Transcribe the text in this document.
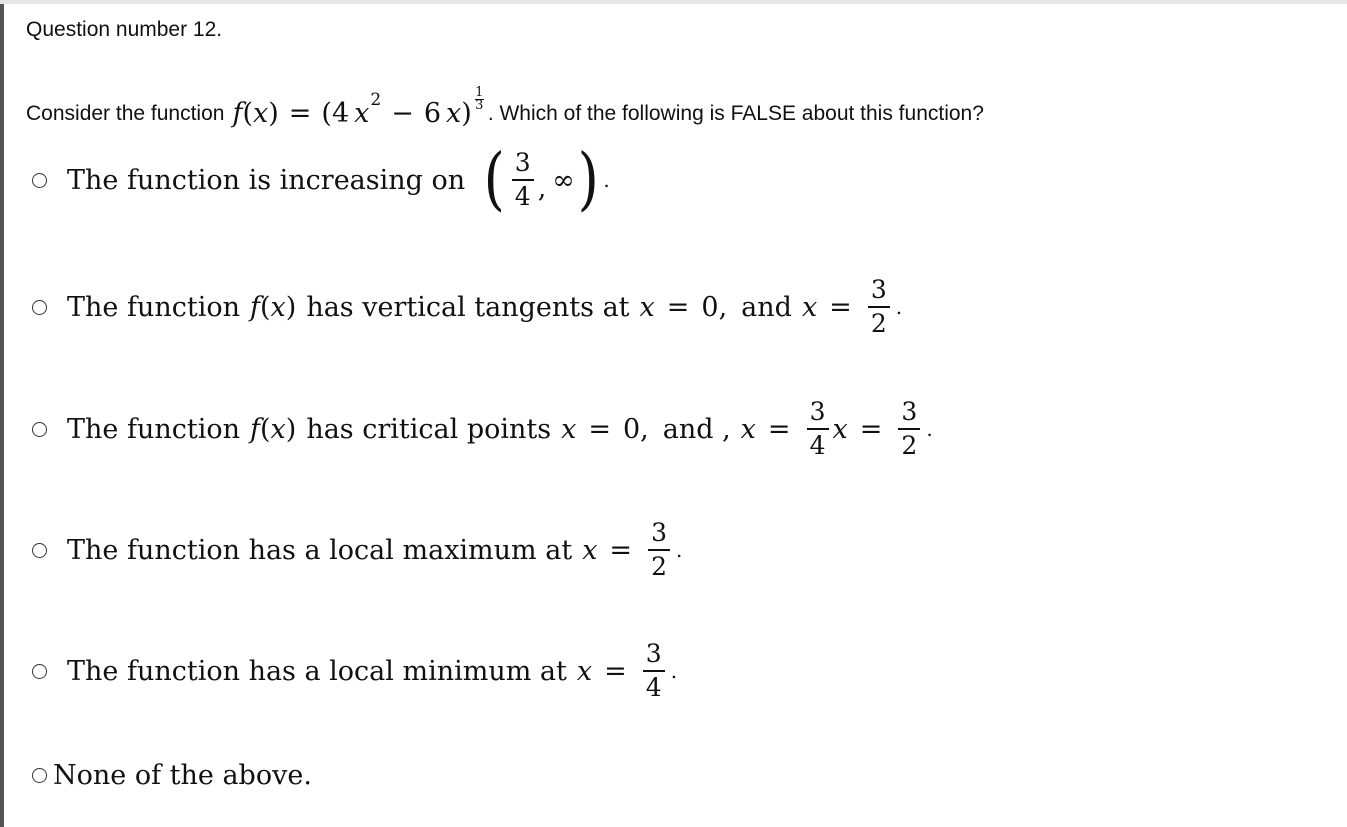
Question number 12.
Consider the function f ( x ) = ( 4 x 2 − 6 x )
1
3 . Which of the following is FALSE about this function?
The function is increasing on ( $\frac{3}{4}$ , ∞ ) .
The function f ( x ) has vertical tangents at x = 0, and $x = \frac{3}{2}$ .
The function f ( x ) has critical points x = 0, and , $x = \frac{3}{4}$ $x = \frac{3}{2}$ .
The function has a local maximum at $x = \frac{3}{2}$ .
The function has a local minimum at $x = \frac{3}{4}$ .
None of the above.
